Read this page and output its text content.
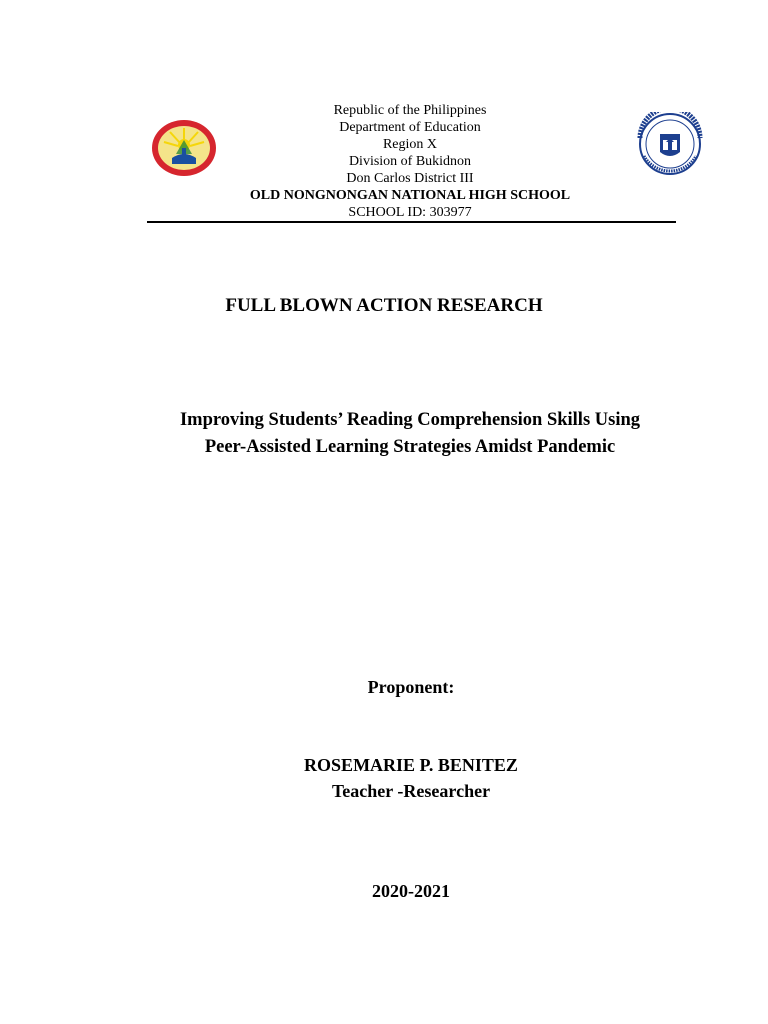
Republic of the Philippines
Department of Education
Region X
Division of Bukidnon
Don Carlos District III
OLD NONGNONGAN NATIONAL HIGH SCHOOL
SCHOOL ID: 303977
FULL BLOWN ACTION RESEARCH
Improving Students’ Reading Comprehension Skills Using
Peer-Assisted Learning Strategies Amidst Pandemic
Proponent:
ROSEMARIE P. BENITEZ
Teacher -Researcher
2020-2021
